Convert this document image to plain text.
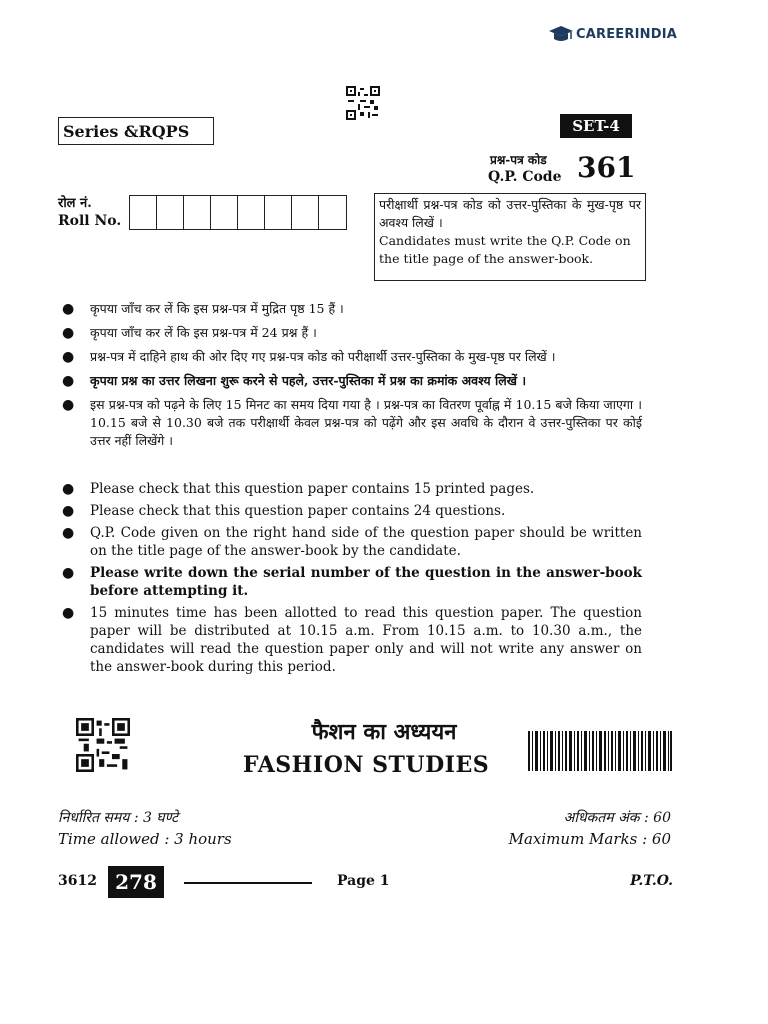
CAREERINDIA
Series &RQPS	SET-4
प्रश्न-पत्र कोड
Q.P. Code 361
रोल नं.
Roll No.
परीक्षार्थी प्रश्न-पत्र कोड को उत्तर-पुस्तिका के मुख-पृष्ठ पर अवश्य लिखें ।
Candidates must write the Q.P. Code on the title page of the answer-book.
●	कृपया जाँच कर लें कि इस प्रश्न-पत्र में मुद्रित पृष्ठ 15 हैं ।
●	कृपया जाँच कर लें कि इस प्रश्न-पत्र में 24 प्रश्न हैं ।
●	प्रश्न-पत्र में दाहिने हाथ की ओर दिए गए प्रश्न-पत्र कोड को परीक्षार्थी उत्तर-पुस्तिका के मुख-पृष्ठ पर लिखें ।
●	कृपया प्रश्न का उत्तर लिखना शुरू करने से पहले, उत्तर-पुस्तिका में प्रश्न का क्रमांक अवश्य लिखें ।
●	इस प्रश्न-पत्र को पढ़ने के लिए 15 मिनट का समय दिया गया है । प्रश्न-पत्र का वितरण पूर्वाह्न में 10.15 बजे किया जाएगा । 10.15 बजे से 10.30 बजे तक परीक्षार्थी केवल प्रश्न-पत्र को पढ़ेंगे और इस अवधि के दौरान वे उत्तर-पुस्तिका पर कोई उत्तर नहीं लिखेंगे ।
●	Please check that this question paper contains 15 printed pages.
●	Please check that this question paper contains 24 questions.
●	Q.P. Code given on the right hand side of the question paper should be written on the title page of the answer-book by the candidate.
●	Please write down the serial number of the question in the answer-book before attempting it.
●	15 minutes time has been allotted to read this question paper. The question paper will be distributed at 10.15 a.m. From 10.15 a.m. to 10.30 a.m., the candidates will read the question paper only and will not write any answer on the answer-book during this period.
फैशन का अध्ययन
FASHION STUDIES
निर्धारित समय : 3 घण्टे
Time allowed : 3 hours
अधिकतम अंक : 60
Maximum Marks : 60
3612 278	Page 1	P.T.O.
